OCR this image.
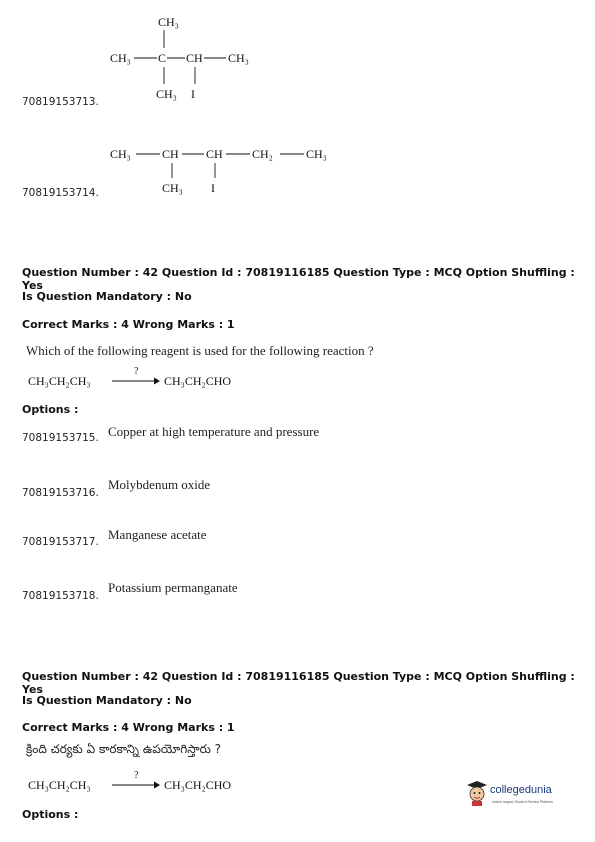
CH₃
CH₃ C CH CH₃
CH₃ I
70819153713.
CH₃	CH CH CH₂	CH₃
CH₃ I
70819153714.
Question Number : 42 Question Id : 70819116185 Question Type : MCQ Option Shuffling : Yes
Is Question Mandatory : No
Correct Marks : 4 Wrong Marks : 1
Which of the following reagent is used for the following reaction ?
CH₃CH₂CH₃
?
CH₃CH₂CHO
Options :
70819153715. Copper at high temperature and pressure
70819153716.
Molybdenum oxide
70819153717. Manganese acetate
70819153718.
Potassium permanganate
Question Number : 42 Question Id : 70819116185 Question Type : MCQ Option Shuffling : Yes
Is Question Mandatory : No
Correct Marks : 4 Wrong Marks : 1
క్రింది చర్యకు ఏ కారకాన్ని ఉపయోగిస్తారు ?
CH₃CH₂CH₃
?
CH₃CH₂CHO
Options :
collegedunia
India's largest Student Review Platform
